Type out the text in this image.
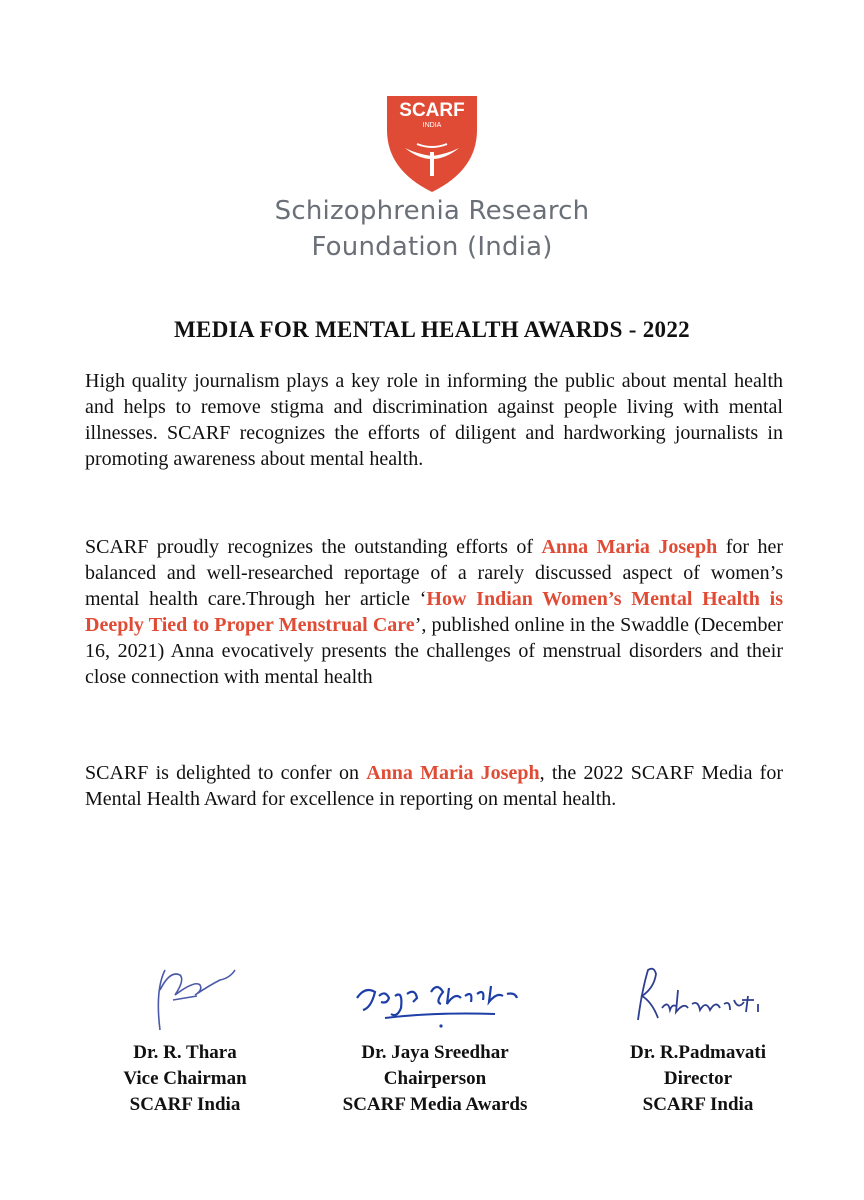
SCARF
INDIA
Schizophrenia Research
Foundation (India)
MEDIA FOR MENTAL HEALTH AWARDS - 2022
High quality journalism plays a key role in informing the public about mental health and helps to remove stigma and discrimination against people living with mental illnesses. SCARF recognizes the efforts of diligent and hardworking journalists in promoting awareness about mental health.
SCARF proudly recognizes the outstanding efforts of Anna Maria Joseph for her balanced and well-researched reportage of a rarely discussed aspect of women’s mental health care.Through her article ‘How Indian Women’s Mental Health is Deeply Tied to Proper Menstrual Care’, published online in the Swaddle (December 16, 2021) Anna evocatively presents the challenges of menstrual disorders and their close connection with mental health
SCARF is delighted to confer on Anna Maria Joseph, the 2022 SCARF Media for Mental Health Award for excellence in reporting on mental health.
Dr. R. Thara
Vice Chairman
SCARF India
Dr. Jaya Sreedhar
Chairperson
SCARF Media Awards
Dr. R.Padmavati
Director
SCARF India
